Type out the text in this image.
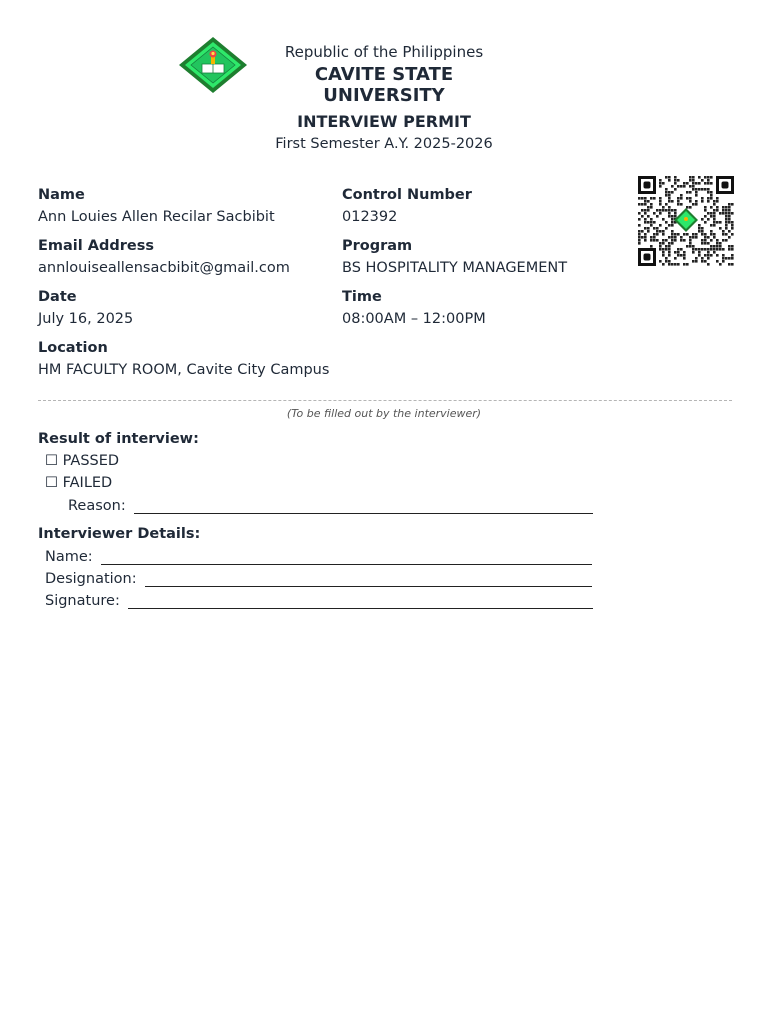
Republic of the Philippines
CAVITE STATE UNIVERSITY
INTERVIEW PERMIT
First Semester A.Y. 2025-2026
Name
Ann Louies Allen Recilar Sacbibit
Control Number
012392
Email Address
annlouiseallensacbibit@gmail.com
Program
BS HOSPITALITY MANAGEMENT
Date
July 16, 2025
Time
08:00AM – 12:00PM
Location
HM FACULTY ROOM, Cavite City Campus
(To be filled out by the interviewer)
Result of interview:
☐ PASSED
☐ FAILED
Reason:
Interviewer Details:
Name:
Designation:
Signature:
